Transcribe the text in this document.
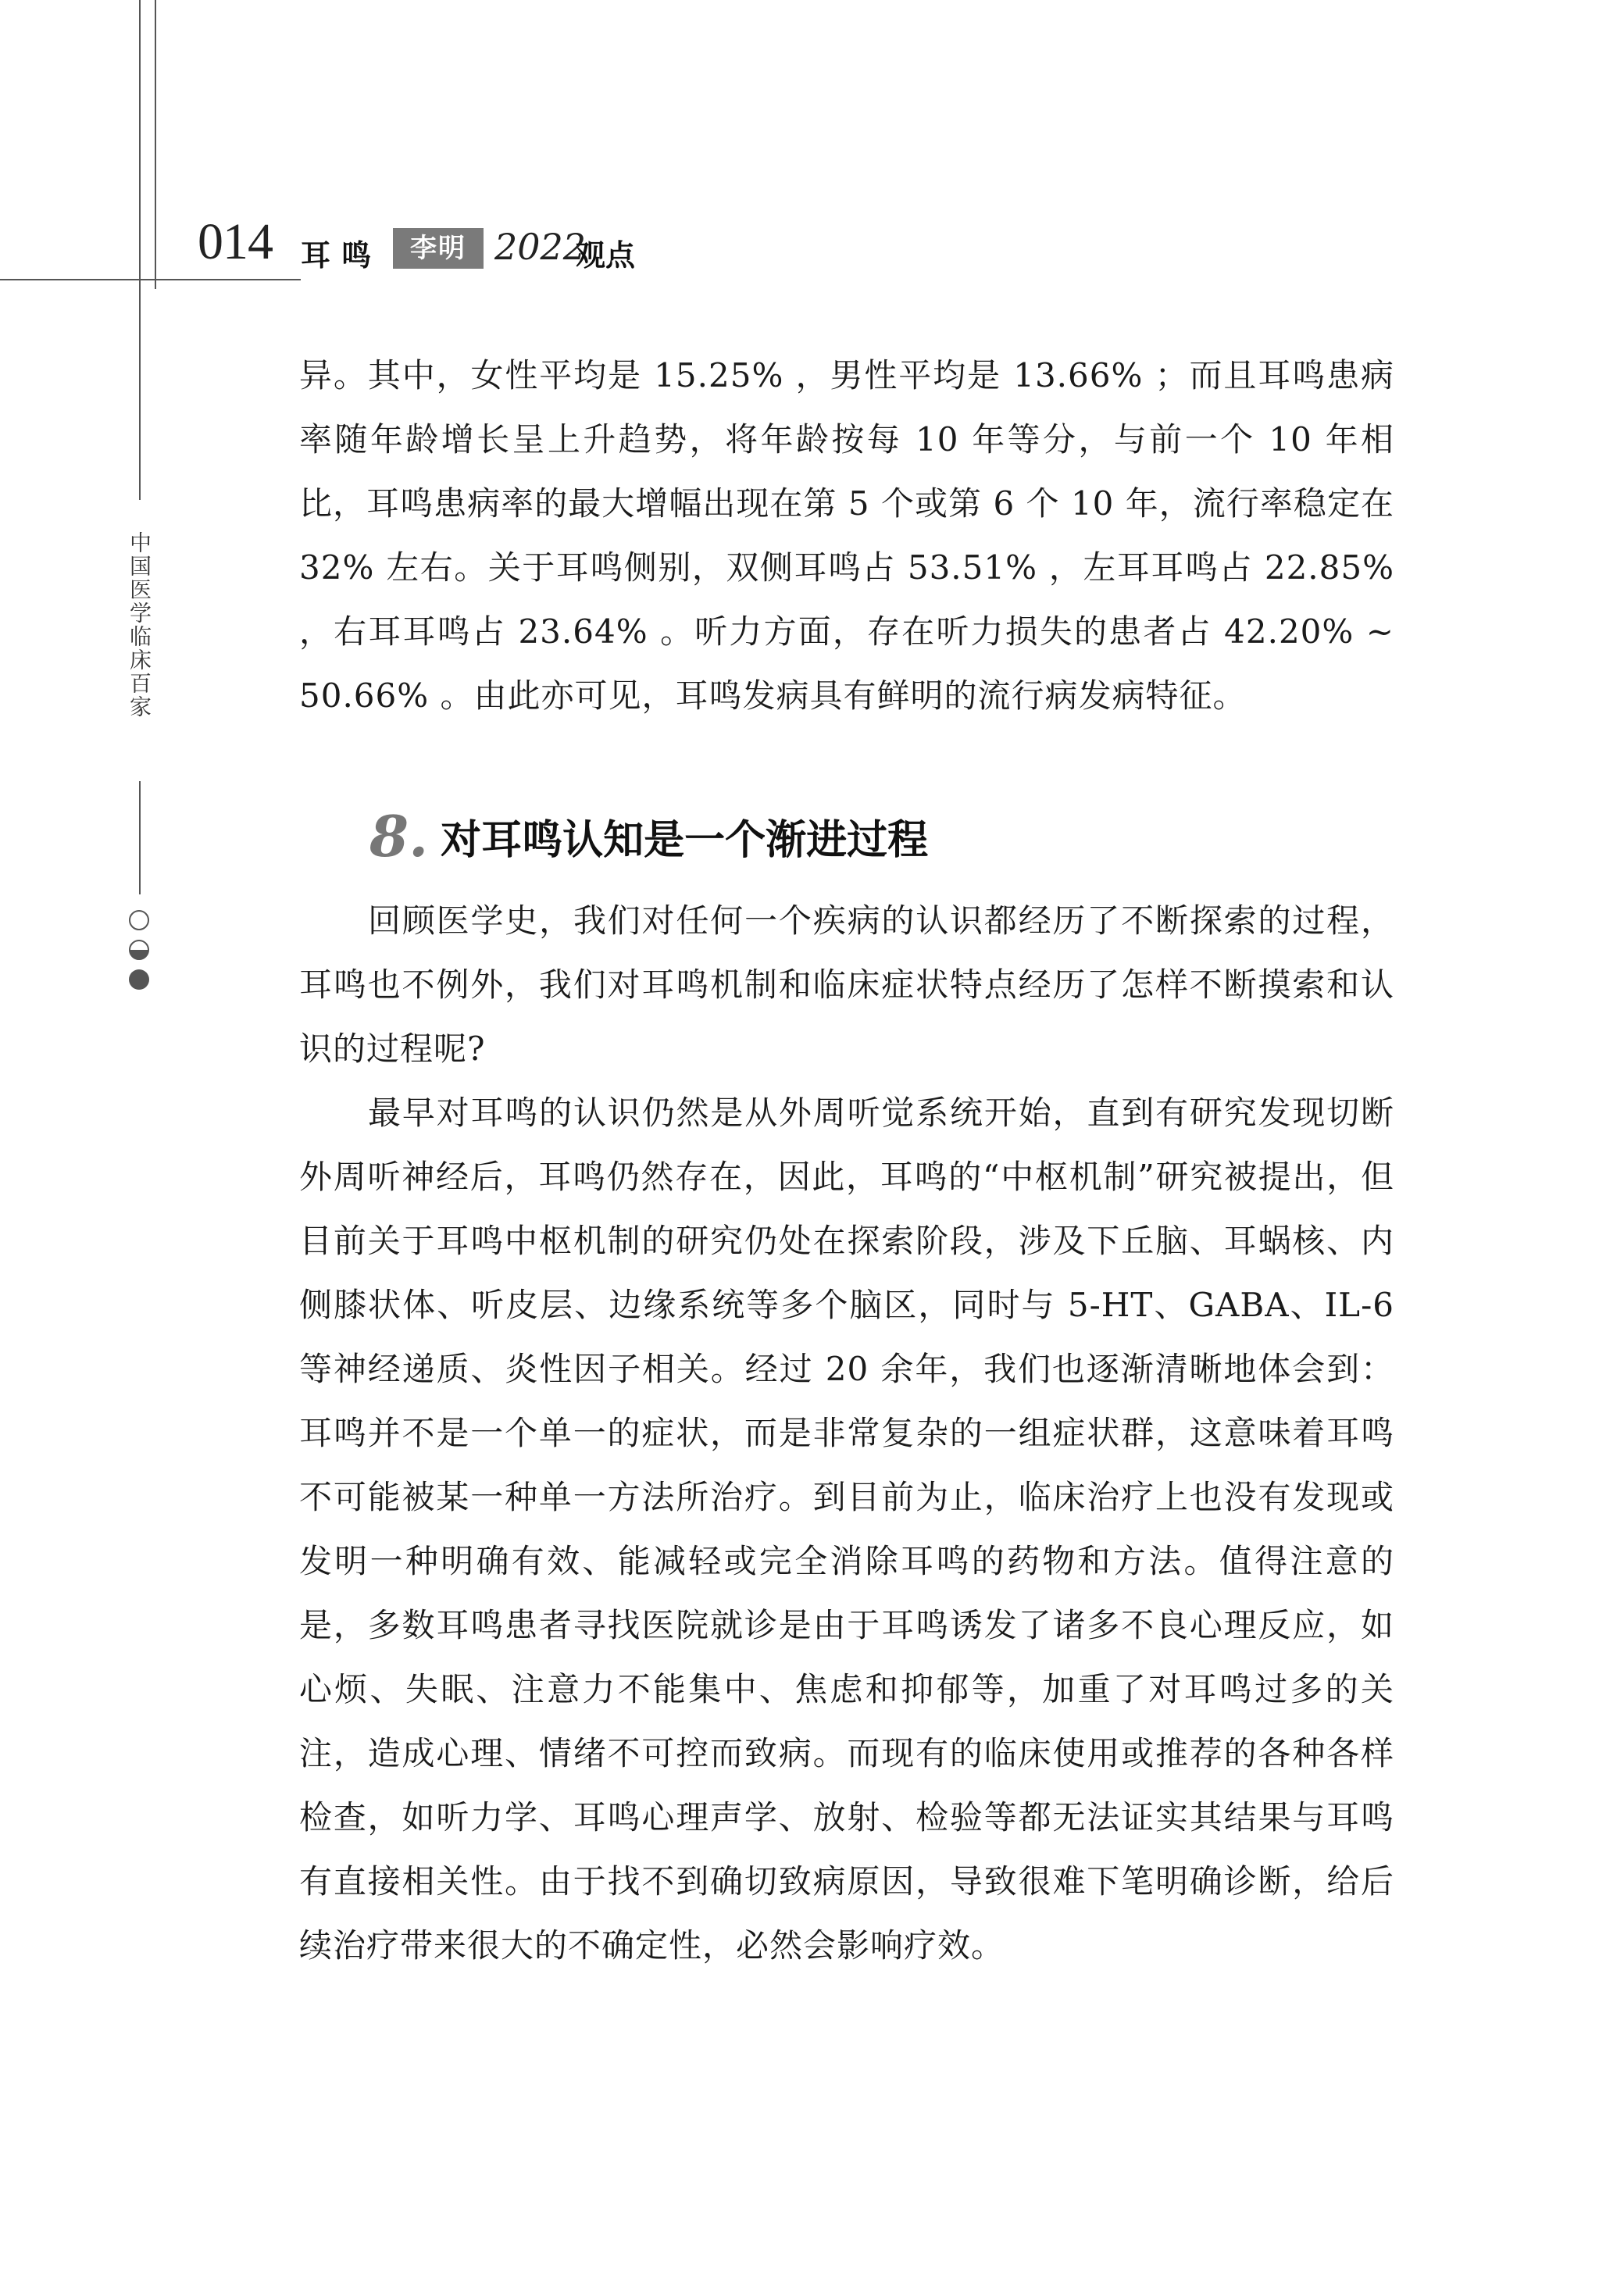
014 耳鸣	李明 2022
观点
中国医学临床百家

异。其中，女性平均是 15.25% ，男性平均是 13.66% ；而且耳鸣患病率随年龄增长呈上升趋势，将年龄按每 10 年等分，与前一个 10 年相比，耳鸣患病率的最大增幅出现在第 5 个或第 6 个 10 年，流行率稳定在 32% 左右。关于耳鸣侧别，双侧耳鸣占 53.51% ，左耳耳鸣占 22.85% ，右耳耳鸣占 23.64% 。听力方面，存在听力损失的患者占 42.20% ~ 50.66% 。由此亦可见，耳鸣发病具有鲜明的流行病发病特征。

8. 对耳鸣认知是一个渐进过程

回顾医学史，我们对任何一个疾病的认识都经历了不断探索的过程，耳鸣也不例外，我们对耳鸣机制和临床症状特点经历了怎样不断摸索和认识的过程呢?

最早对耳鸣的认识仍然是从外周听觉系统开始，直到有研究发现切断外周听神经后，耳鸣仍然存在，因此，耳鸣的“中枢机制”研究被提出，但目前关于耳鸣中枢机制的研究仍处在探索阶段，涉及下丘脑、耳蜗核、内侧膝状体、听皮层、边缘系统等多个脑区，同时与 5-HT、GABA、IL-6 等神经递质、炎性因子相关。经过 20 余年，我们也逐渐清晰地体会到：耳鸣并不是一个单一的症状，而是非常复杂的一组症状群，这意味着耳鸣不可能被某一种单一方法所治疗。到目前为止，临床治疗上也没有发现或发明一种明确有效、能减轻或完全消除耳鸣的药物和方法。值得注意的是，多数耳鸣患者寻找医院就诊是由于耳鸣诱发了诸多不良心理反应，如心烦、失眠、注意力不能集中、焦虑和抑郁等，加重了对耳鸣过多的关注，造成心理、情绪不可控而致病。而现有的临床使用或推荐的各种各样检查，如听力学、耳鸣心理声学、放射、检验等都无法证实其结果与耳鸣有直接相关性。由于找不到确切致病原因，导致很难下笔明确诊断，给后续治疗带来很大的不确定性，必然会影响疗效。
